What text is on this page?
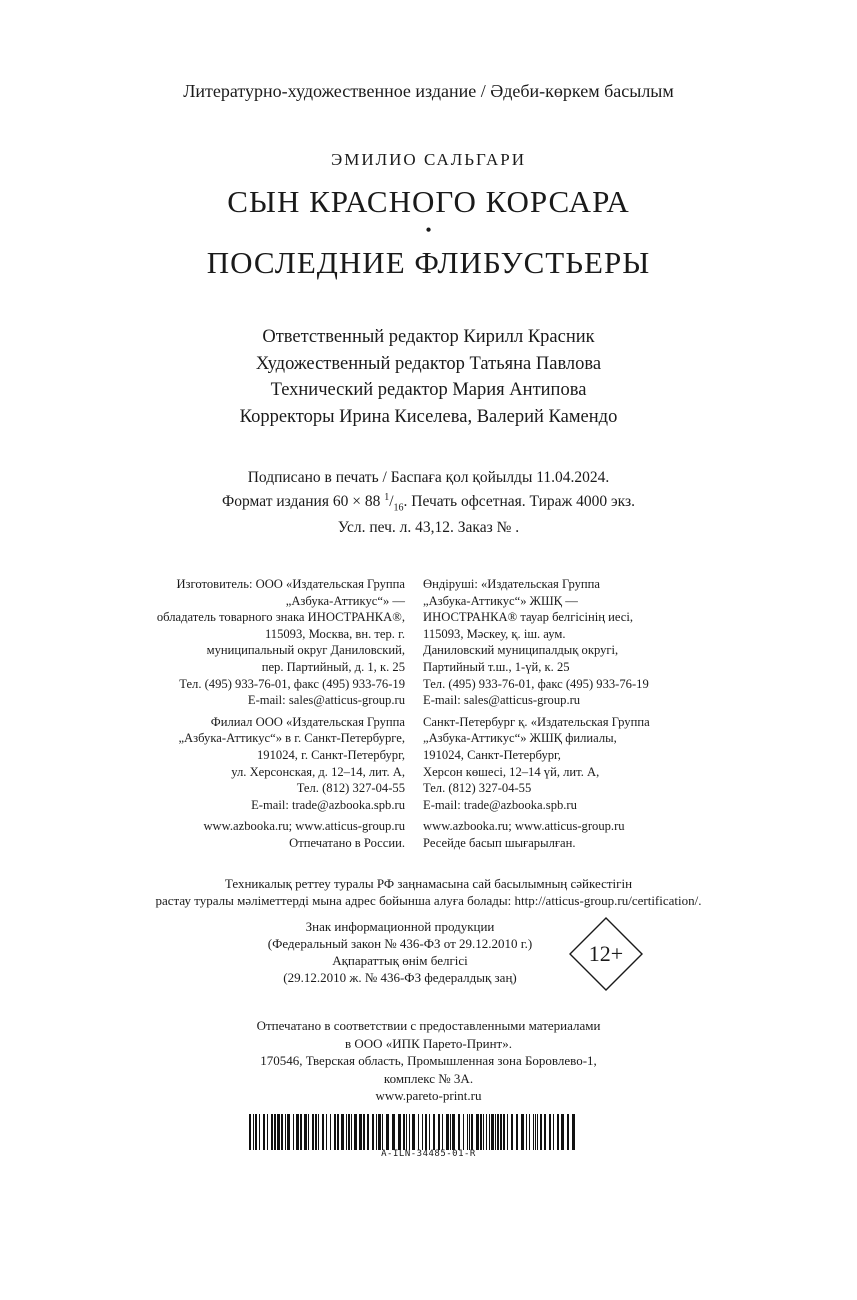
Литературно-художественное издание / Әдеби-көркем басылым
ЭМИЛИО САЛЬГАРИ
СЫН КРАСНОГО КОРСАРА
•
ПОСЛЕДНИЕ ФЛИБУСТЬЕРЫ
Ответственный редактор Кирилл Красник
Художественный редактор Татьяна Павлова
Технический редактор Мария Антипова
Корректоры Ирина Киселева, Валерий Камендо
Подписано в печать / Баспаға қол қойылды 11.04.2024.
Формат издания 60 × 88 $^1/_{16}$. Печать офсетная. Тираж 4000 экз.
Усл. печ. л. 43,12. Заказ № .
Изготовитель: ООО «Издательская Группа
„Азбука-Аттикус“» —
обладатель товарного знака ИНОСТРАНКА®,
115093, Москва, вн. тер. г.
муниципальный округ Даниловский,
пер. Партийный, д. 1, к. 25
Тел. (495) 933-76-01, факс (495) 933-76-19
E-mail: sales@atticus-group.ru
Филиал ООО «Издательская Группа
„Азбука-Аттикус“» в г. Санкт-Петербурге,
191024, г. Санкт-Петербург,
ул. Херсонская, д. 12–14, лит. А,
Тел. (812) 327-04-55
E-mail: trade@azbooka.spb.ru
www.azbooka.ru; www.atticus-group.ru
Отпечатано в России.
Өндіруші: «Издательская Группа
„Азбука-Аттикус“» ЖШҚ —
ИНОСТРАНКА® тауар белгісінің иесі,
115093, Мәскеу, қ. іш. аум.
Даниловский муниципалдық округі,
Партийный т.ш., 1-үй, к. 25
Тел. (495) 933-76-01, факс (495) 933-76-19
E-mail: sales@atticus-group.ru
Санкт-Петербург қ. «Издательская Группа
„Азбука-Аттикус“» ЖШҚ филиалы,
191024, Санкт-Петербург,
Херсон көшесі, 12–14 үй, лит. А,
Тел. (812) 327-04-55
E-mail: trade@azbooka.spb.ru
www.azbooka.ru; www.atticus-group.ru
Ресейде басып шығарылған.
Техникалық реттеу туралы РФ заңнамасына сай басылымның сәйкестігін
растау туралы мәліметтерді мына адрес бойынша алуға болады: http://atticus-group.ru/certification/.
Знак информационной продукции
(Федеральный закон № 436-ФЗ от 29.12.2010 г.)
Ақпараттық өнім белгісі
(29.12.2010 ж. № 436-ФЗ федералдық заң)
12+
Отпечатано в соответствии с предоставленными материалами
в ООО «ИПК Парето-Принт».
170546, Тверская область, Промышленная зона Боровлево-1,
комплекс № 3А.
www.pareto-print.ru
A-ILN-34485-01-R
